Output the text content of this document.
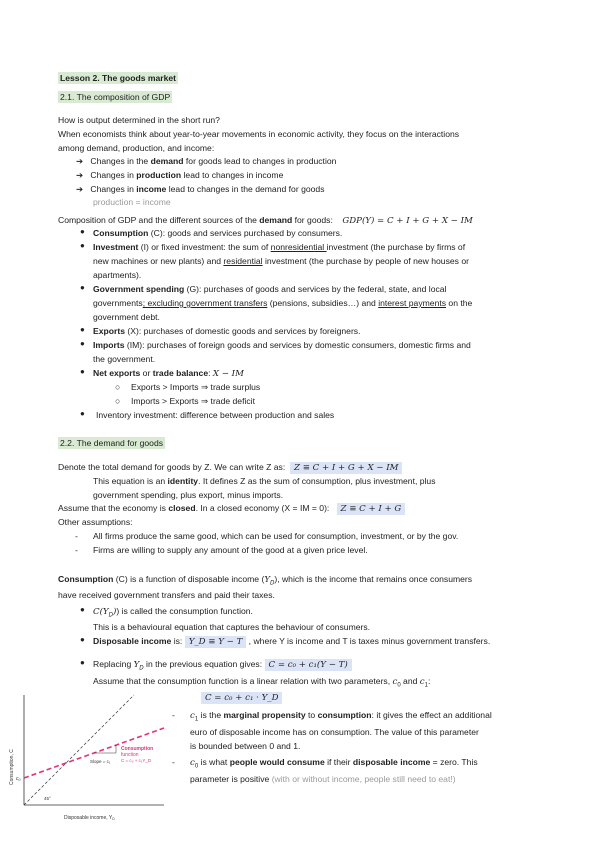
Lesson 2. The goods market
2.1. The composition of GDP
How is output determined in the short run?
When economists think about year-to-year movements in economic activity, they focus on the interactions
among demand, production, and income:
➔   Changes in the demand for goods lead to changes in production
➔   Changes in production lead to changes in income
➔   Changes in income lead to changes in the demand for goods
production = income
Composition of GDP and the different sources of the demand for goods: GDP(Y) = C + I + G + X − IM
● Consumption (C): goods and services purchased by consumers.
● Investment (I) or fixed investment: the sum of nonresidential investment (the purchase by firms of
new machines or new plants) and residential investment (the purchase by people of new houses or
apartments).
● Government spending (G): purchases of goods and services by the federal, state, and local
governments; excluding government transfers (pensions, subsidies…) and interest payments on the
government debt.
● Exports (X): purchases of domestic goods and services by foreigners.
● Imports (IM): purchases of foreign goods and services by domestic consumers, domestic firms and
the government.
● Net exports or trade balance: X − IM
○ Exports > Imports ⇒ trade surplus
○ Imports > Exports ⇒ trade deficit
● Inventory investment: difference between production and sales
2.2. The demand for goods
Denote the total demand for goods by Z. We can write Z as: Z ≡ C + I + G + X − IM
This equation is an identity. It defines Z as the sum of consumption, plus investment, plus
government spending, plus export, minus imports.
Assume that the economy is closed. In a closed economy (X = IM = 0): Z ≡ C + I + G
Other assumptions:
- All firms produce the same good, which can be used for consumption, investment, or by the gov.
- Firms are willing to supply any amount of the good at a given price level.
Consumption (C) is a function of disposable income $(Y_D)$, which is the income that remains once consumers
have received government transfers and paid their taxes.
● $C(Y_D)$) is called the consumption function.
This is a behavioural equation that captures the behaviour of consumers.
● Disposable income is: Y_D ≡ Y − T , where Y is income and T is taxes minus government transfers.
● Replacing $Y_D$ in the previous equation gives: C = c₀ + c₁(Y − T)
Assume that the consumption function is a linear relation with two parameters, $c_0$ and $c_1$:
C = c₀ + c₁ · Y_D
- $c_1$ is the marginal propensity to consumption: it gives the effect an additional
euro of disposable income has on consumption. The value of this parameter
is bounded between 0 and 1.
- $c_0$ is what people would consume if their disposable income = zero. This
parameter is positive (with or without income, people still need to eat!)
Consumption, C $c_0$
Consumption
function
C = c₀ + c₁Y_D
Slope = c₁
45°
Disposable income, $Y_D$
